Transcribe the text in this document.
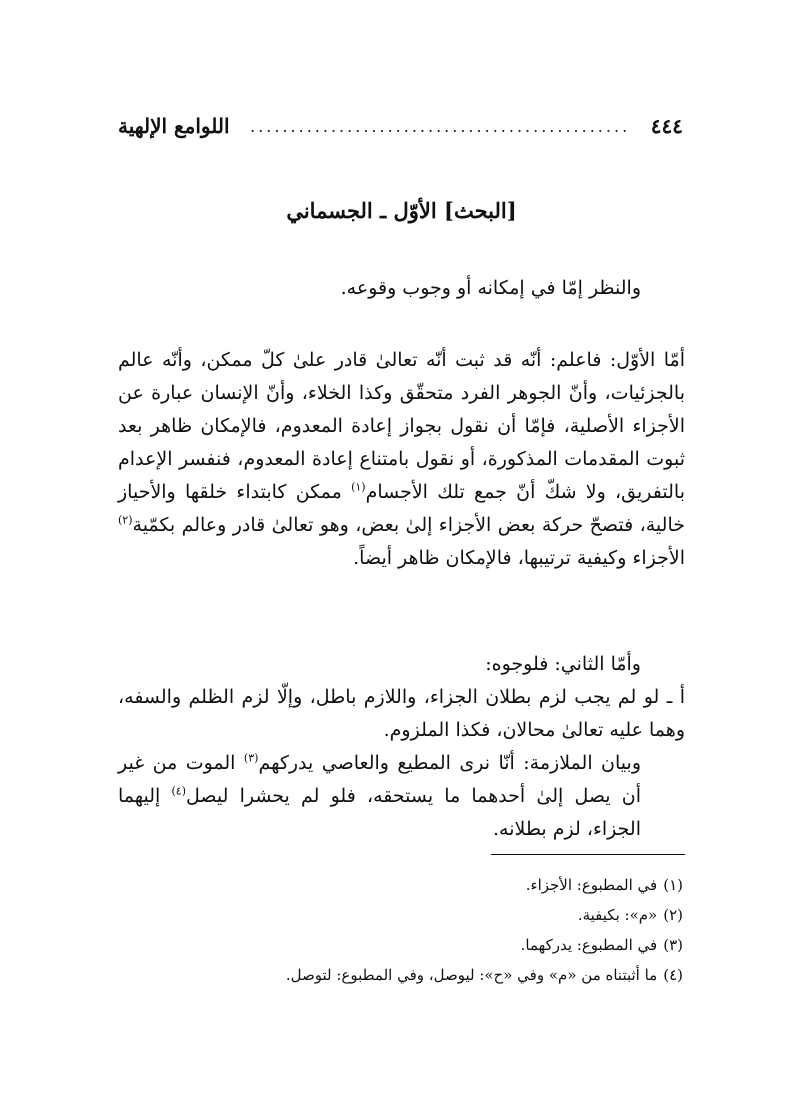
٤٤٤
...............................................
اللوامع الإلهية
[البحث] الأوّل ـ الجسماني
والنظر إمّا في إمكانه أو وجوب وقوعه.
أمّا الأوّل: فاعلم: أنّه قد ثبت أنّه تعالىٰ قادر علىٰ كلّ ممكن، وأنّه عالم بالجزئيات، وأنّ الجوهر الفرد متحقّق وكذا الخلاء، وأنّ الإنسان عبارة عن الأجزاء الأصلية، فإمّا أن نقول بجواز إعادة المعدوم، فالإمكان ظاهر بعد ثبوت المقدمات المذكورة، أو نقول بامتناع إعادة المعدوم، فنفسر الإعدام بالتفريق، ولا شكّ أنّ جمع تلك الأجسام$^{(١)}$ ممكن كابتداء خلقها والأحياز خالية، فتصحّ حركة بعض الأجزاء إلىٰ بعض، وهو تعالىٰ قادر وعالم بكمّية$^{(٢)}$ الأجزاء وكيفية ترتيبها، فالإمكان ظاهر أيضاً.
وأمّا الثاني: فلوجوه:
أ ـ لو لم يجب لزم بطلان الجزاء، واللازم باطل، وإلّا لزم الظلم والسفه، وهما عليه تعالىٰ محالان، فكذا الملزوم.
وبيان الملازمة: أنّا نرى المطيع والعاصي يدركهم$^{(٣)}$ الموت من غير أن يصل إلىٰ أحدهما ما يستحقه، فلو لم يحشرا ليصل$^{(٤)}$ إليهما الجزاء، لزم بطلانه.
(١)في المطبوع: الأجزاء.
(٢)«م»: بكيفية.
(٣)في المطبوع: يدركهما.
(٤)ما أثبتناه من «م» وفي «ح»: ليوصل، وفي المطبوع: لتوصل.
